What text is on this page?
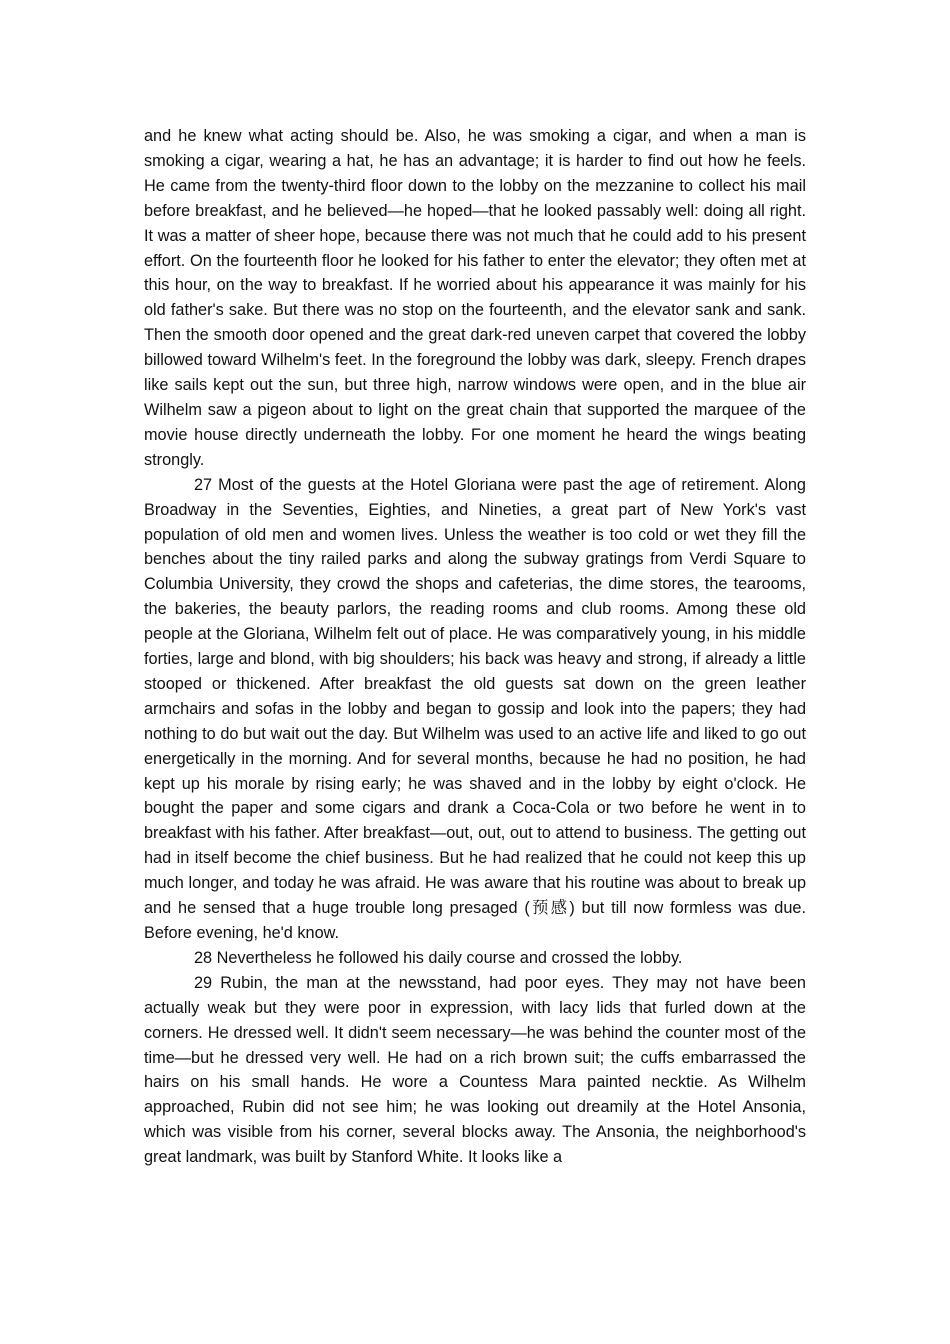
and he knew what acting should be. Also, he was smoking a cigar, and when a man is smoking a cigar, wearing a hat, he has an advantage; it is harder to find out how he feels. He came from the twenty-third floor down to the lobby on the mezzanine to collect his mail before breakfast, and he believed—he hoped—that he looked passably well: doing all right. It was a matter of sheer hope, because there was not much that he could add to his present effort. On the fourteenth floor he looked for his father to enter the elevator; they often met at this hour, on the way to breakfast. If he worried about his appearance it was mainly for his old father's sake. But there was no stop on the fourteenth, and the elevator sank and sank. Then the smooth door opened and the great dark-red uneven carpet that covered the lobby billowed toward Wilhelm's feet. In the foreground the lobby was dark, sleepy. French drapes like sails kept out the sun, but three high, narrow windows were open, and in the blue air Wilhelm saw a pigeon about to light on the great chain that supported the marquee of the movie house directly underneath the lobby. For one moment he heard the wings beating strongly.

27 Most of the guests at the Hotel Gloriana were past the age of retirement. Along Broadway in the Seventies, Eighties, and Nineties, a great part of New York's vast population of old men and women lives. Unless the weather is too cold or wet they fill the benches about the tiny railed parks and along the subway gratings from Verdi Square to Columbia University, they crowd the shops and cafeterias, the dime stores, the tearooms, the bakeries, the beauty parlors, the reading rooms and club rooms. Among these old people at the Gloriana, Wilhelm felt out of place. He was comparatively young, in his middle forties, large and blond, with big shoulders; his back was heavy and strong, if already a little stooped or thickened. After breakfast the old guests sat down on the green leather armchairs and sofas in the lobby and began to gossip and look into the papers; they had nothing to do but wait out the day. But Wilhelm was used to an active life and liked to go out energetically in the morning. And for several months, because he had no position, he had kept up his morale by rising early; he was shaved and in the lobby by eight o'clock. He bought the paper and some cigars and drank a Coca-Cola or two before he went in to breakfast with his father. After breakfast—out, out, out to attend to business. The getting out had in itself become the chief business. But he had realized that he could not keep this up much longer, and today he was afraid. He was aware that his routine was about to break up and he sensed that a huge trouble long presaged (预感) but till now formless was due. Before evening, he'd know.

28 Nevertheless he followed his daily course and crossed the lobby.

29 Rubin, the man at the newsstand, had poor eyes. They may not have been actually weak but they were poor in expression, with lacy lids that furled down at the corners. He dressed well. It didn't seem necessary—he was behind the counter most of the time—but he dressed very well. He had on a rich brown suit; the cuffs embarrassed the hairs on his small hands. He wore a Countess Mara painted necktie. As Wilhelm approached, Rubin did not see him; he was looking out dreamily at the Hotel Ansonia, which was visible from his corner, several blocks away. The Ansonia, the neighborhood's great landmark, was built by Stanford White. It looks like a
